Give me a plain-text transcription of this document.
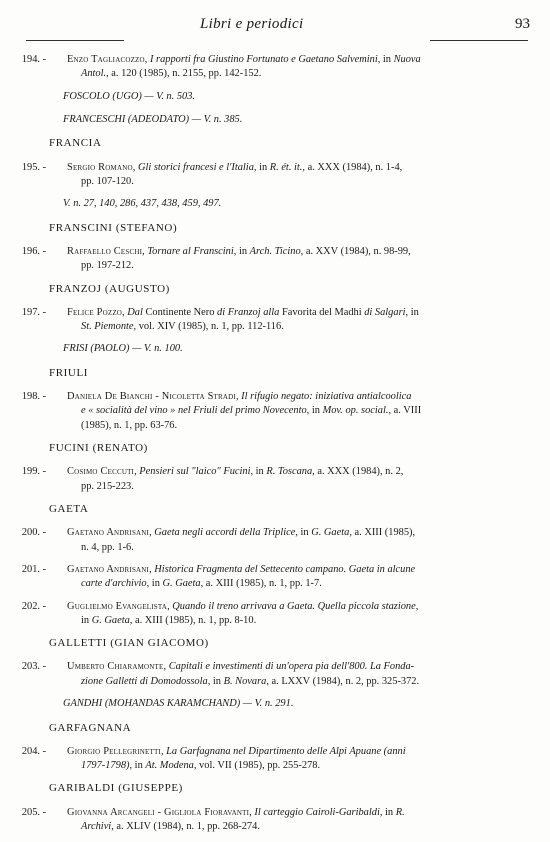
Libri e periodici	93
194. -	Enzo Tagliacozzo, I rapporti fra Giustino Fortunato e Gaetano Salvemini, in Nuova
Antol., a. 120 (1985), n. 2155, pp. 142-152.
FOSCOLO (UGO) — V. n. 503.
FRANCESCHI (ADEODATO) — V. n. 385.
FRANCIA
195. -	Sergio Romano, Gli storici francesi e l'Italia, in R. ét. it., a. XXX (1984), n. 1-4,
pp. 107-120.
V. n. 27, 140, 286, 437, 438, 459, 497.
FRANSCINI (STEFANO)
196. -	Raffaello Ceschi, Tornare al Franscini, in Arch. Ticino, a. XXV (1984), n. 98-99,
pp. 197-212.
FRANZOJ (AUGUSTO)
197. -	Felice Pozzo, Dal Continente Nero di Franzoj alla Favorita del Madhi di Salgari, in
St. Piemonte, vol. XIV (1985), n. 1, pp. 112-116.
FRISI (PAOLO) — V. n. 100.
FRIULI
198. -	Daniela De Bianchi - Nicoletta Stradi, Il rifugio negato: iniziativa antialcoolica
e « socialità del vino » nel Friuli del primo Novecento, in Mov. op. social., a. VIII
(1985), n. 1, pp. 63-76.
FUCINI (RENATO)
199. -	Cosimo Ceccuti, Pensieri sul "laico" Fucini, in R. Toscana, a. XXX (1984), n. 2,
pp. 215-223.
GAETA
200. -	Gaetano Andrisani, Gaeta negli accordi della Triplice, in G. Gaeta, a. XIII (1985),
n. 4, pp. 1-6.
201. -	Gaetano Andrisani, Historica Fragmenta del Settecento campano. Gaeta in alcune
carte d'archivio, in G. Gaeta, a. XIII (1985), n. 1, pp. 1-7.
202. -	Guglielmo Evangelista, Quando il treno arrivava a Gaeta. Quella piccola stazione,
in G. Gaeta, a. XIII (1985), n. 1, pp. 8-10.
GALLETTI (GIAN GIACOMO)
203. -	Umberto Chiaramonte, Capitali e investimenti di un'opera pia dell'800. La Fonda-
zione Galletti di Domodossola, in B. Novara, a. LXXV (1984), n. 2, pp. 325-372.
GANDHI (MOHANDAS KARAMCHAND) — V. n. 291.
GARFAGNANA
204. -	Giorgio Pellegrinetti, La Garfagnana nel Dipartimento delle Alpi Apuane (anni
1797-1798), in At. Modena, vol. VII (1985), pp. 255-278.
GARIBALDI (GIUSEPPE)
205. -	Giovanna Arcangeli - Gigliola Fioravanti, Il carteggio Cairoli-Garibaldi, in R.
Archivi, a. XLIV (1984), n. 1, pp. 268-274.
